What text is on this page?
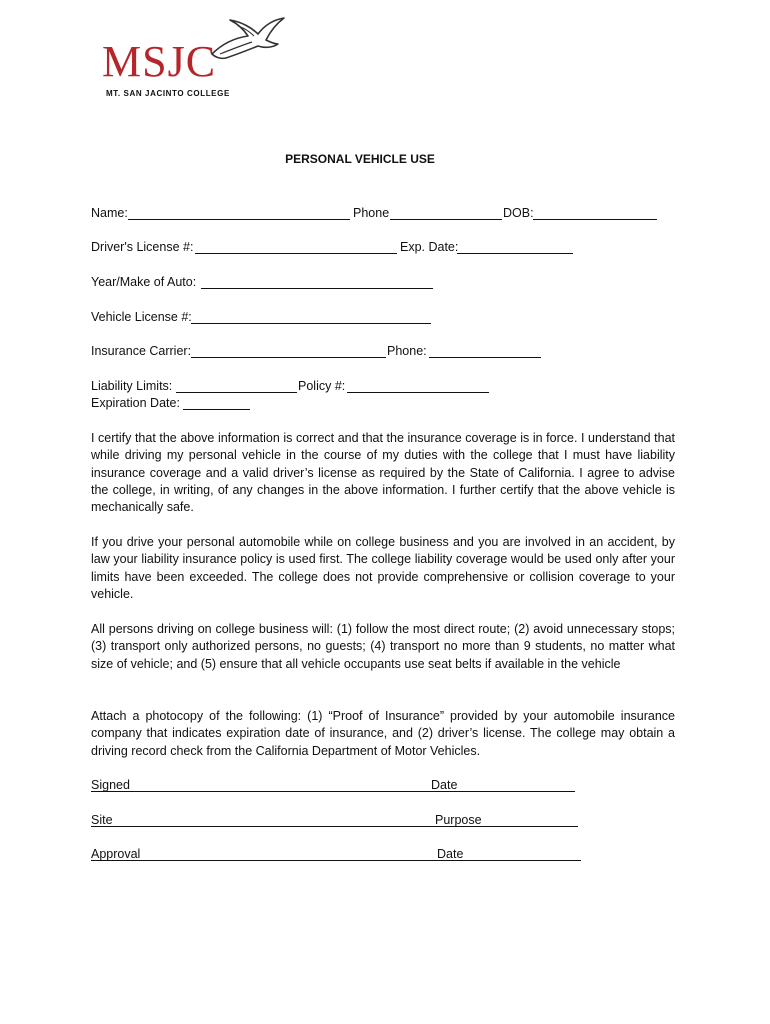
MSJC
MT. SAN JACINTO COLLEGE
PERSONAL VEHICLE USE
Name:	Phone	DOB:
Driver's License #:	Exp. Date:
Year/Make of Auto:
Vehicle License #:
Insurance Carrier:	Phone:
Liability Limits:	Policy #:
Expiration Date:
I certify that the above information is correct and that the insurance coverage is in force. I understand that while driving my personal vehicle in the course of my duties with the college that I must have liability insurance coverage and a valid driver’s license as required by the State of California. I agree to advise the college, in writing, of any changes in the above information. I further certify that the above vehicle is mechanically safe.
If you drive your personal automobile while on college business and you are involved in an accident, by law your liability insurance policy is used first. The college liability coverage would be used only after your limits have been exceeded. The college does not provide comprehensive or collision coverage to your vehicle.
All persons driving on college business will: (1) follow the most direct route; (2) avoid unnecessary stops; (3) transport only authorized persons, no guests; (4) transport no more than 9 students, no matter what size of vehicle; and (5) ensure that all vehicle occupants use seat belts if available in the vehicle
Attach a photocopy of the following: (1) “Proof of Insurance” provided by your automobile insurance company that indicates expiration date of insurance, and (2) driver’s license. The college may obtain a driving record check from the California Department of Motor Vehicles.
Signed	Date
Site	Purpose
Approval	Date
